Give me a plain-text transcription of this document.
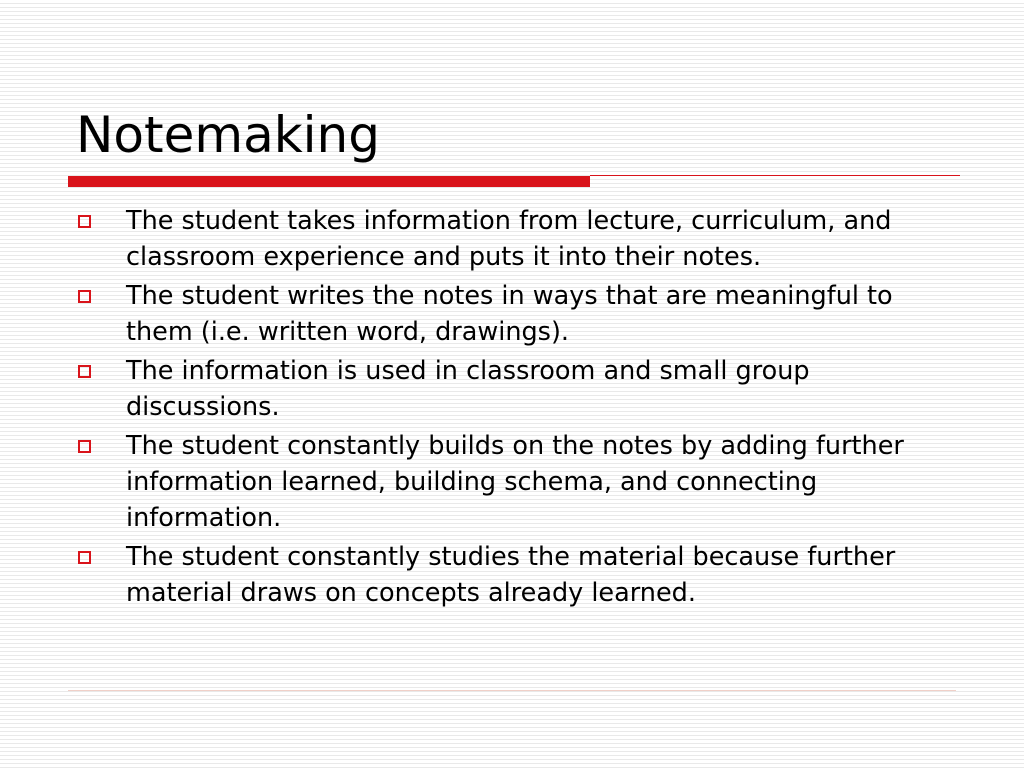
Notemaking
The student takes information from lecture, curriculum, and classroom experience and puts it into their notes.
The student writes the notes in ways that are meaningful to them (i.e. written word, drawings).
The information is used in classroom and small group discussions.
The student constantly builds on the notes by adding further information learned, building schema, and connecting information.
The student constantly studies the material because further material draws on concepts already learned.
